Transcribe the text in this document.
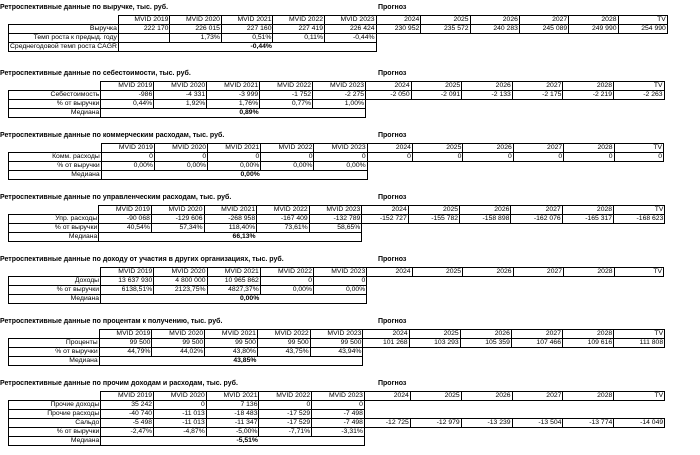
Ретроспективные данные по выручке, тыс. руб.	Прогноз
	MVID 2019	MVID 2020	MVID 2021	MVID 2022	MVID 2023	2024	2025	2026	2027	2028	TV
Выручка	222 170	226 015	227 160	227 419	226 424	230 952	235 572	240 283	245 089	249 990	254 990
Темп роста к предыд. году		1,73%	0,51%	0,11%	-0,44%						
Среднегодовой темп роста CAGR			-0,44%								
Ретроспективные данные по себестоимости, тыс. руб.	Прогноз
	MVID 2019	MVID 2020	MVID 2021	MVID 2022	MVID 2023	2024	2025	2026	2027	2028	TV
Себестоимость	-986	-4 331	-3 999	-1 752	-2 275	-2 050	-2 091	-2 133	-2 175	-2 219	-2 263
% от выручки	0,44%	1,92%	1,76%	0,77%	1,00%						
Медиана			0,89%								
Ретроспективные данные по коммерческим расходам, тыс. руб.	Прогноз
	MVID 2019	MVID 2020	MVID 2021	MVID 2022	MVID 2023	2024	2025	2026	2027	2028	TV
Комм. расходы	0	0	0	0	0	0	0	0	0	0	0
% от выручки	0,00%	0,00%	0,00%	0,00%	0,00%						
Медиана			0,00%								
Ретроспективные данные по управленческим расходам, тыс. руб.	Прогноз
	MVID 2019	MVID 2020	MVID 2021	MVID 2022	MVID 2023	2024	2025	2026	2027	2028	TV
Упр. расходы	-90 068	-129 606	-268 958	-167 409	-132 789	-152 727	-155 782	-158 898	-162 076	-165 317	-168 623
% от выручки	40,54%	57,34%	118,40%	73,61%	58,65%						
Медиана			66,13%								
Ретроспективные данные по доходу от участия в других организациях, тыс. руб.	Прогноз
	MVID 2019	MVID 2020	MVID 2021	MVID 2022	MVID 2023	2024	2025	2026	2027	2028	TV
Доходы	13 637 930	4 800 000	10 965 862	0	0						
% от выручки	6138,51%	2123,75%	4827,37%	0,00%	0,00%						
Медиана			0,00%								
Ретроспективные данные по процентам к получению, тыс. руб.	Прогноз
	MVID 2019	MVID 2020	MVID 2021	MVID 2022	MVID 2023	2024	2025	2026	2027	2028	TV
Проценты	99 500	99 500	99 500	99 500	99 500	101 268	103 293	105 359	107 466	109 616	111 808
% от выручки	44,79%	44,02%	43,80%	43,75%	43,94%						
Медиана			43,85%								
Ретроспективные данные по прочим доходам и расходам, тыс. руб.	Прогноз
	MVID 2019	MVID 2020	MVID 2021	MVID 2022	MVID 2023	2024	2025	2026	2027	2028	TV
Прочие доходы	35 242	0	7 136	0	0						
Прочие расходы	-40 740	-11 013	-18 483	-17 529	-7 498						
Сальдо	-5 498	-11 013	-11 347	-17 529	-7 498	-12 725	-12 979	-13 239	-13 504	-13 774	-14 049
% от выручки	-2,47%	-4,87%	-5,00%	-7,71%	-3,31%						
Медиана			-5,51%								
